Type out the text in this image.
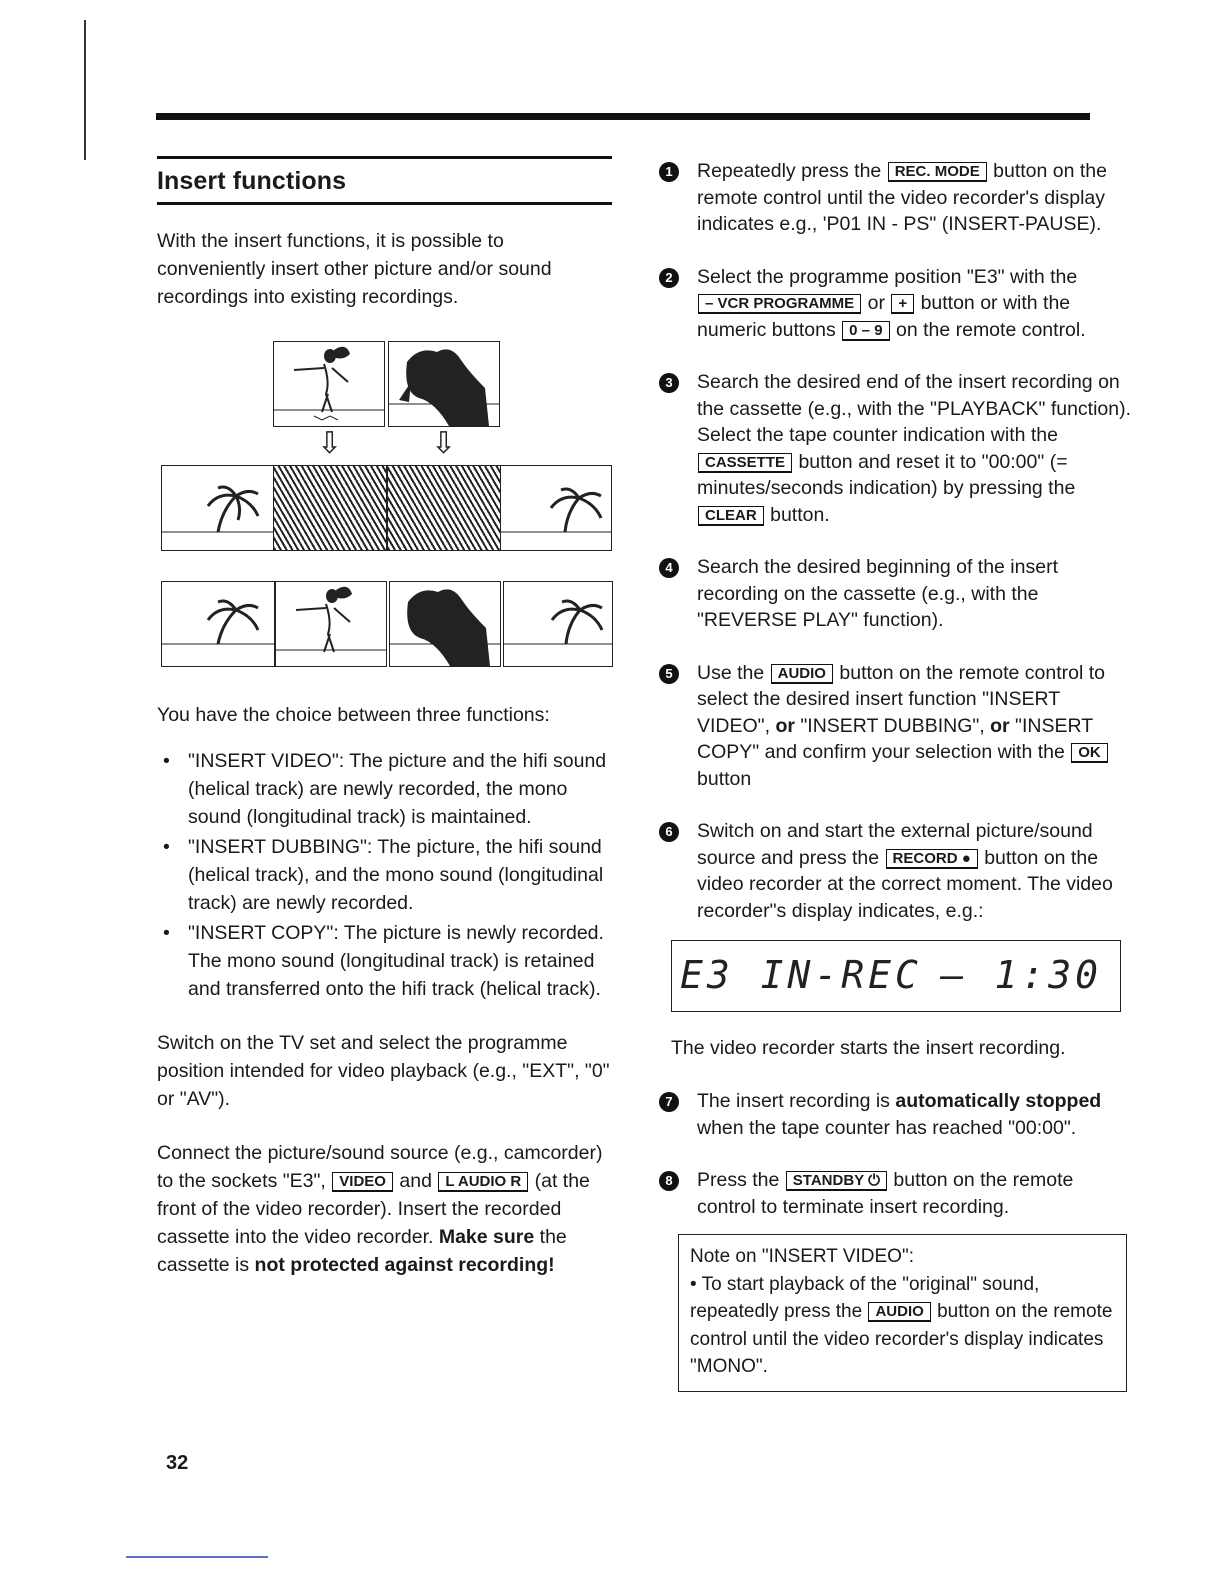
Insert functions

With the insert functions, it is possible to conveniently insert other picture and/or sound recordings into existing recordings.

⇩	⇩

You have the choice between three functions:

• "INSERT VIDEO": The picture and the hifi sound (helical track) are newly recorded, the mono sound (longitudinal track) is maintained.
• "INSERT DUBBING": The picture, the hifi sound (helical track), and the mono sound (longitudinal track) are newly recorded.
• "INSERT COPY": The picture is newly recorded. The mono sound (longitudinal track) is retained and transferred onto the hifi track (helical track).

Switch on the TV set and select the programme position intended for video playback (e.g., "EXT", "0" or "AV").

Connect the picture/sound source (e.g., camcorder) to the sockets "E3", VIDEO and L AUDIO R (at the front of the video recorder). Insert the recorded cassette into the video recorder. Make sure the cassette is not protected against recording!

1	Repeatedly press the REC. MODE button on the remote control until the video recorder's display indicates e.g., 'P01 IN - PS" (INSERT-PAUSE).
2	Select the programme position "E3" with the – VCR PROGRAMME or + button or with the numeric buttons 0 – 9 on the remote control.
3	Search the desired end of the insert recording on the cassette (e.g., with the "PLAYBACK" function). Select the tape counter indication with the CASSETTE button and reset it to "00:00" (= minutes/seconds indication) by pressing the CLEAR button.
4	Search the desired beginning of the insert recording on the cassette (e.g., with the "REVERSE PLAY" function).
5	Use the AUDIO button on the remote control to select the desired insert function "INSERT VIDEO", or "INSERT DUBBING", or "INSERT COPY" and confirm your selection with the OK button
6	Switch on and start the external picture/sound source and press the RECORD ● button on the video recorder at the correct moment. The video recorder"s display indicates, e.g.:
E3 IN-REC – 1:30

The video recorder starts the insert recording.

7	The insert recording is automatically stopped when the tape counter has reached "00:00".
8	Press the STANDBY ⏻ button on the remote control to terminate insert recording.

Note on "INSERT VIDEO":

• To start playback of the "original" sound, repeatedly press the AUDIO button on the remote control until the video recorder's display indicates "MONO".

32
